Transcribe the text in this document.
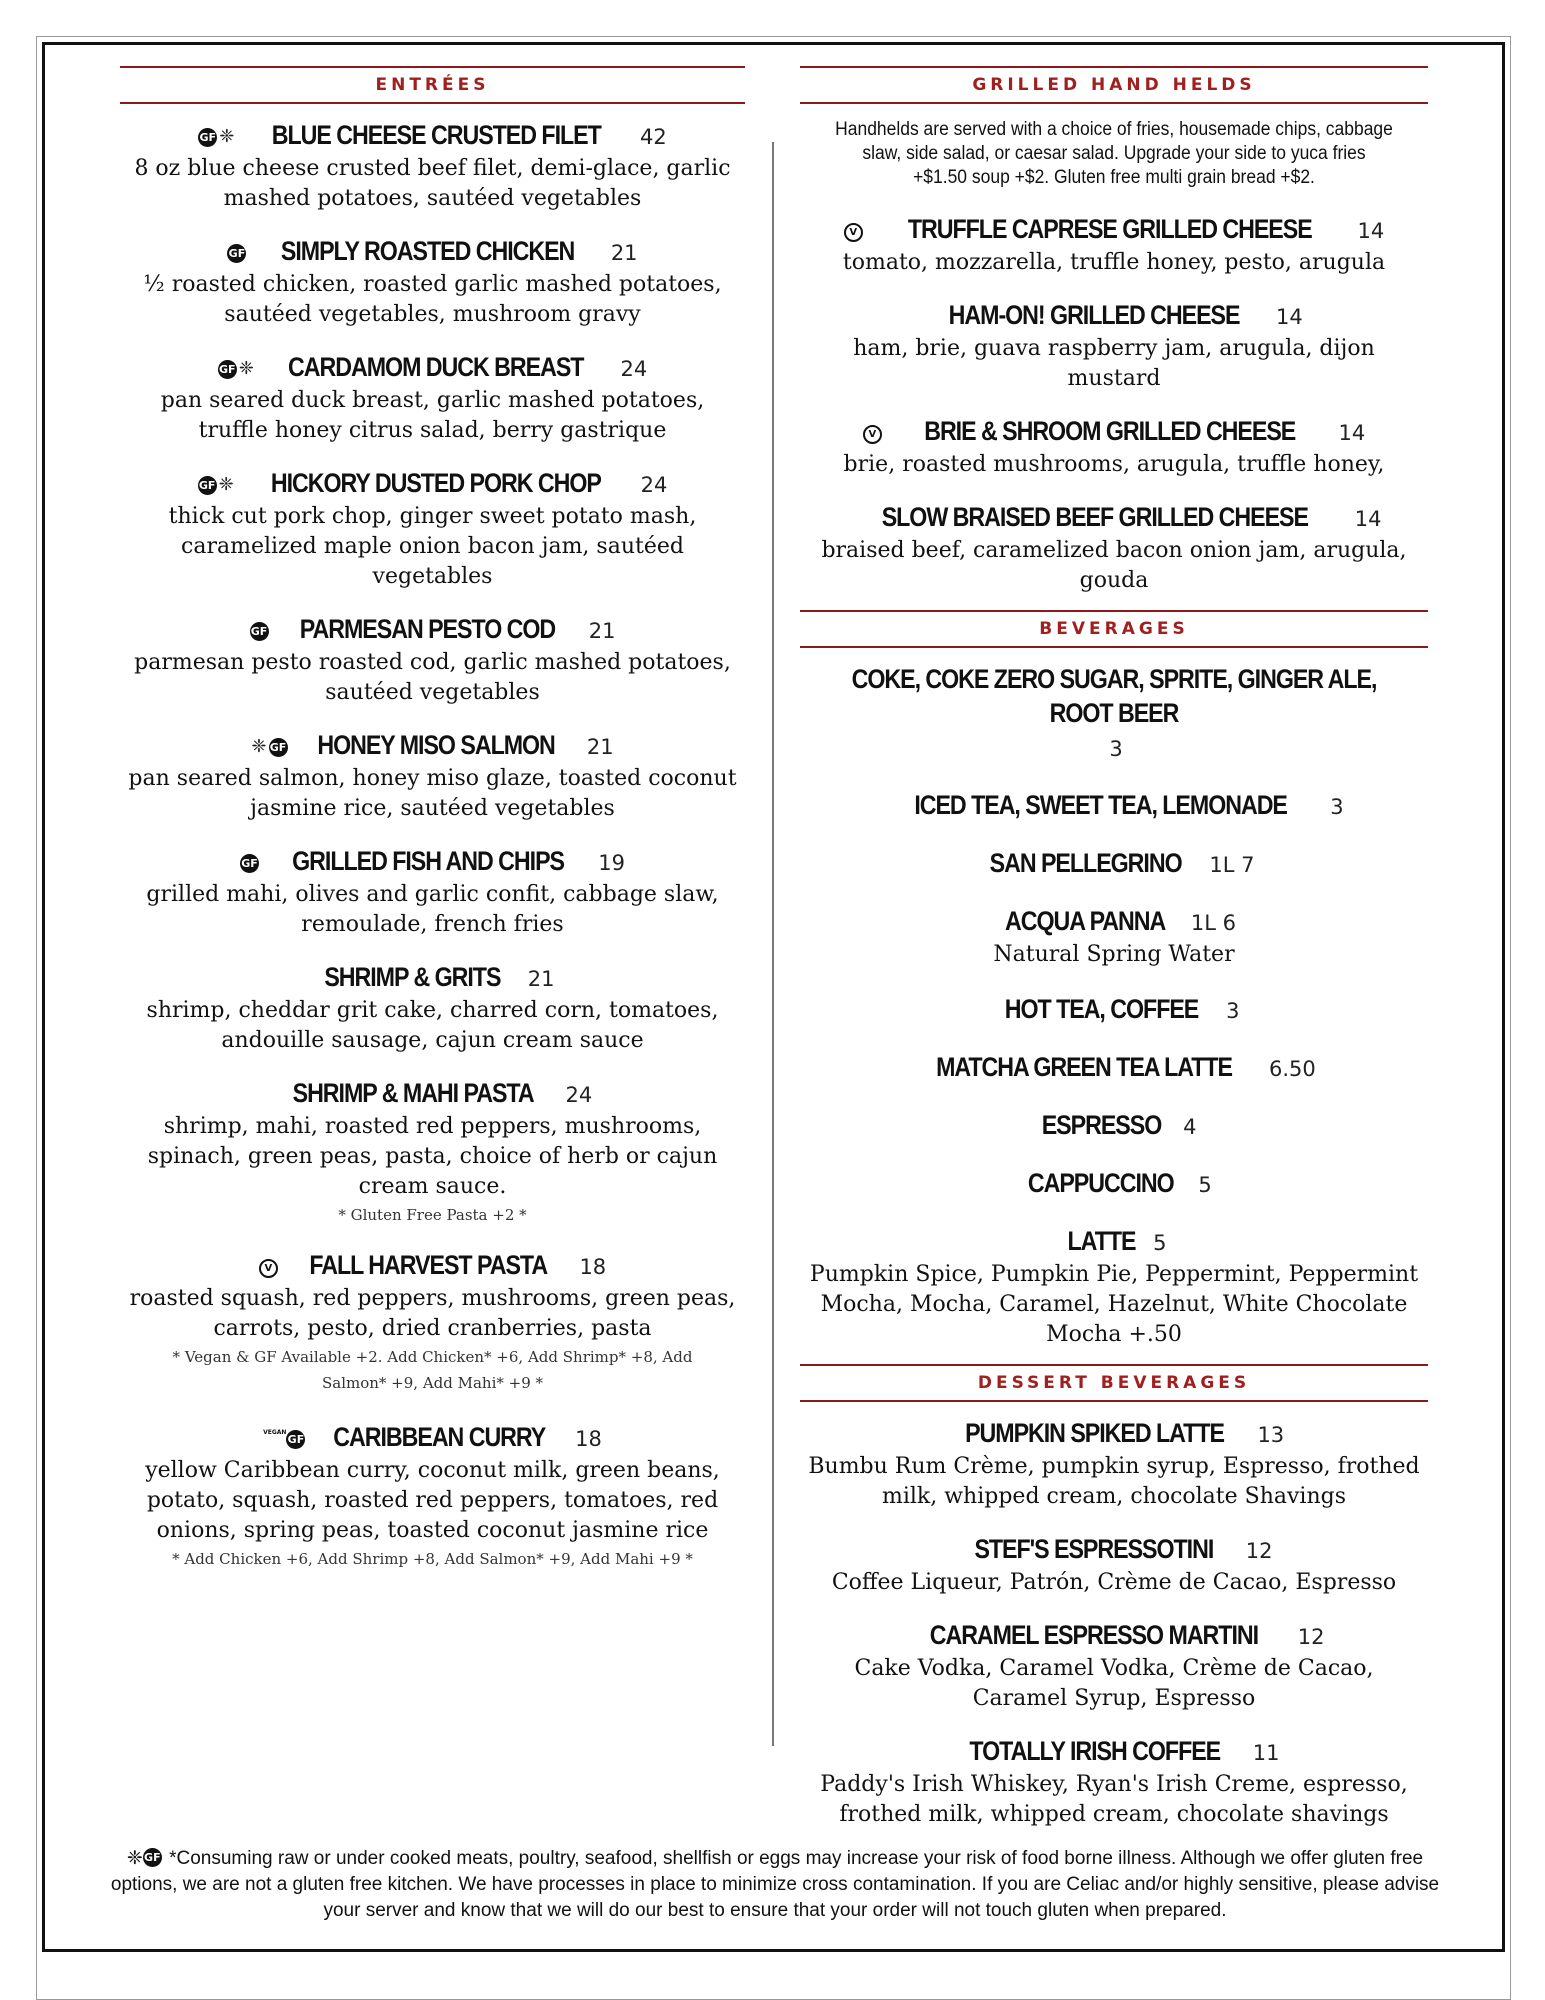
ENTRÉES
GF ❈ BLUE CHEESE CRUSTED FILET 42
8 oz blue cheese crusted beef filet, demi-glace, garlic mashed potatoes, sautéed vegetables
GF SIMPLY ROASTED CHICKEN 21
½ roasted chicken, roasted garlic mashed potatoes, sautéed vegetables, mushroom gravy
GF ❈ CARDAMOM DUCK BREAST 24
pan seared duck breast, garlic mashed potatoes, truffle honey citrus salad, berry gastrique
GF ❈ HICKORY DUSTED PORK CHOP 24
thick cut pork chop, ginger sweet potato mash, caramelized maple onion bacon jam, sautéed vegetables
GF PARMESAN PESTO COD 21
parmesan pesto roasted cod, garlic mashed potatoes, sautéed vegetables
❈ GF HONEY MISO SALMON 21
pan seared salmon, honey miso glaze, toasted coconut jasmine rice, sautéed vegetables
GF GRILLED FISH AND CHIPS 19
grilled mahi, olives and garlic confit, cabbage slaw, remoulade, french fries
SHRIMP & GRITS 21
shrimp, cheddar grit cake, charred corn, tomatoes, andouille sausage, cajun cream sauce
SHRIMP & MAHI PASTA 24
shrimp, mahi, roasted red peppers, mushrooms, spinach, green peas, pasta, choice of herb or cajun cream sauce.
* Gluten Free Pasta +2 *
V FALL HARVEST PASTA 18
roasted squash, red peppers, mushrooms, green peas, carrots, pesto, dried cranberries, pasta
* Vegan & GF Available +2. Add Chicken* +6, Add Shrimp* +8, Add Salmon* +9, Add Mahi* +9 *
VEGANGF CARIBBEAN CURRY 18
yellow Caribbean curry, coconut milk, green beans, potato, squash, roasted red peppers, tomatoes, red onions, spring peas, toasted coconut jasmine rice
* Add Chicken +6, Add Shrimp +8, Add Salmon* +9, Add Mahi +9 *
GRILLED HAND HELDS
Handhelds are served with a choice of fries, housemade chips, cabbage slaw, side salad, or caesar salad. Upgrade your side to yuca fries +$1.50 soup +$2. Gluten free multi grain bread +$2.
V TRUFFLE CAPRESE GRILLED CHEESE 14
tomato, mozzarella, truffle honey, pesto, arugula
HAM-ON! GRILLED CHEESE 14
ham, brie, guava raspberry jam, arugula, dijon mustard
V BRIE & SHROOM GRILLED CHEESE 14
brie, roasted mushrooms, arugula, truffle honey,
SLOW BRAISED BEEF GRILLED CHEESE 14
braised beef, caramelized bacon onion jam, arugula, gouda
BEVERAGES
COKE, COKE ZERO SUGAR, SPRITE, GINGER ALE, ROOT BEER 3
ICED TEA, SWEET TEA, LEMONADE 3
SAN PELLEGRINO 1L 7
ACQUA PANNA 1L 6
Natural Spring Water
HOT TEA, COFFEE 3
MATCHA GREEN TEA LATTE 6.50
ESPRESSO 4
CAPPUCCINO 5
LATTE 5
Pumpkin Spice, Pumpkin Pie, Peppermint, Peppermint Mocha, Mocha, Caramel, Hazelnut, White Chocolate Mocha +.50
DESSERT BEVERAGES
PUMPKIN SPIKED LATTE 13
Bumbu Rum Crème, pumpkin syrup, Espresso, frothed milk, whipped cream, chocolate Shavings
STEF'S ESPRESSOTINI 12
Coffee Liqueur, Patrón, Crème de Cacao, Espresso
CARAMEL ESPRESSO MARTINI 12
Cake Vodka, Caramel Vodka, Crème de Cacao, Caramel Syrup, Espresso
TOTALLY IRISH COFFEE 11
Paddy's Irish Whiskey, Ryan's Irish Creme, espresso, frothed milk, whipped cream, chocolate shavings
❈GF *Consuming raw or under cooked meats, poultry, seafood, shellfish or eggs may increase your risk of food borne illness. Although we offer gluten free options, we are not a gluten free kitchen. We have processes in place to minimize cross contamination. If you are Celiac and/or highly sensitive, please advise your server and know that we will do our best to ensure that your order will not touch gluten when prepared.
